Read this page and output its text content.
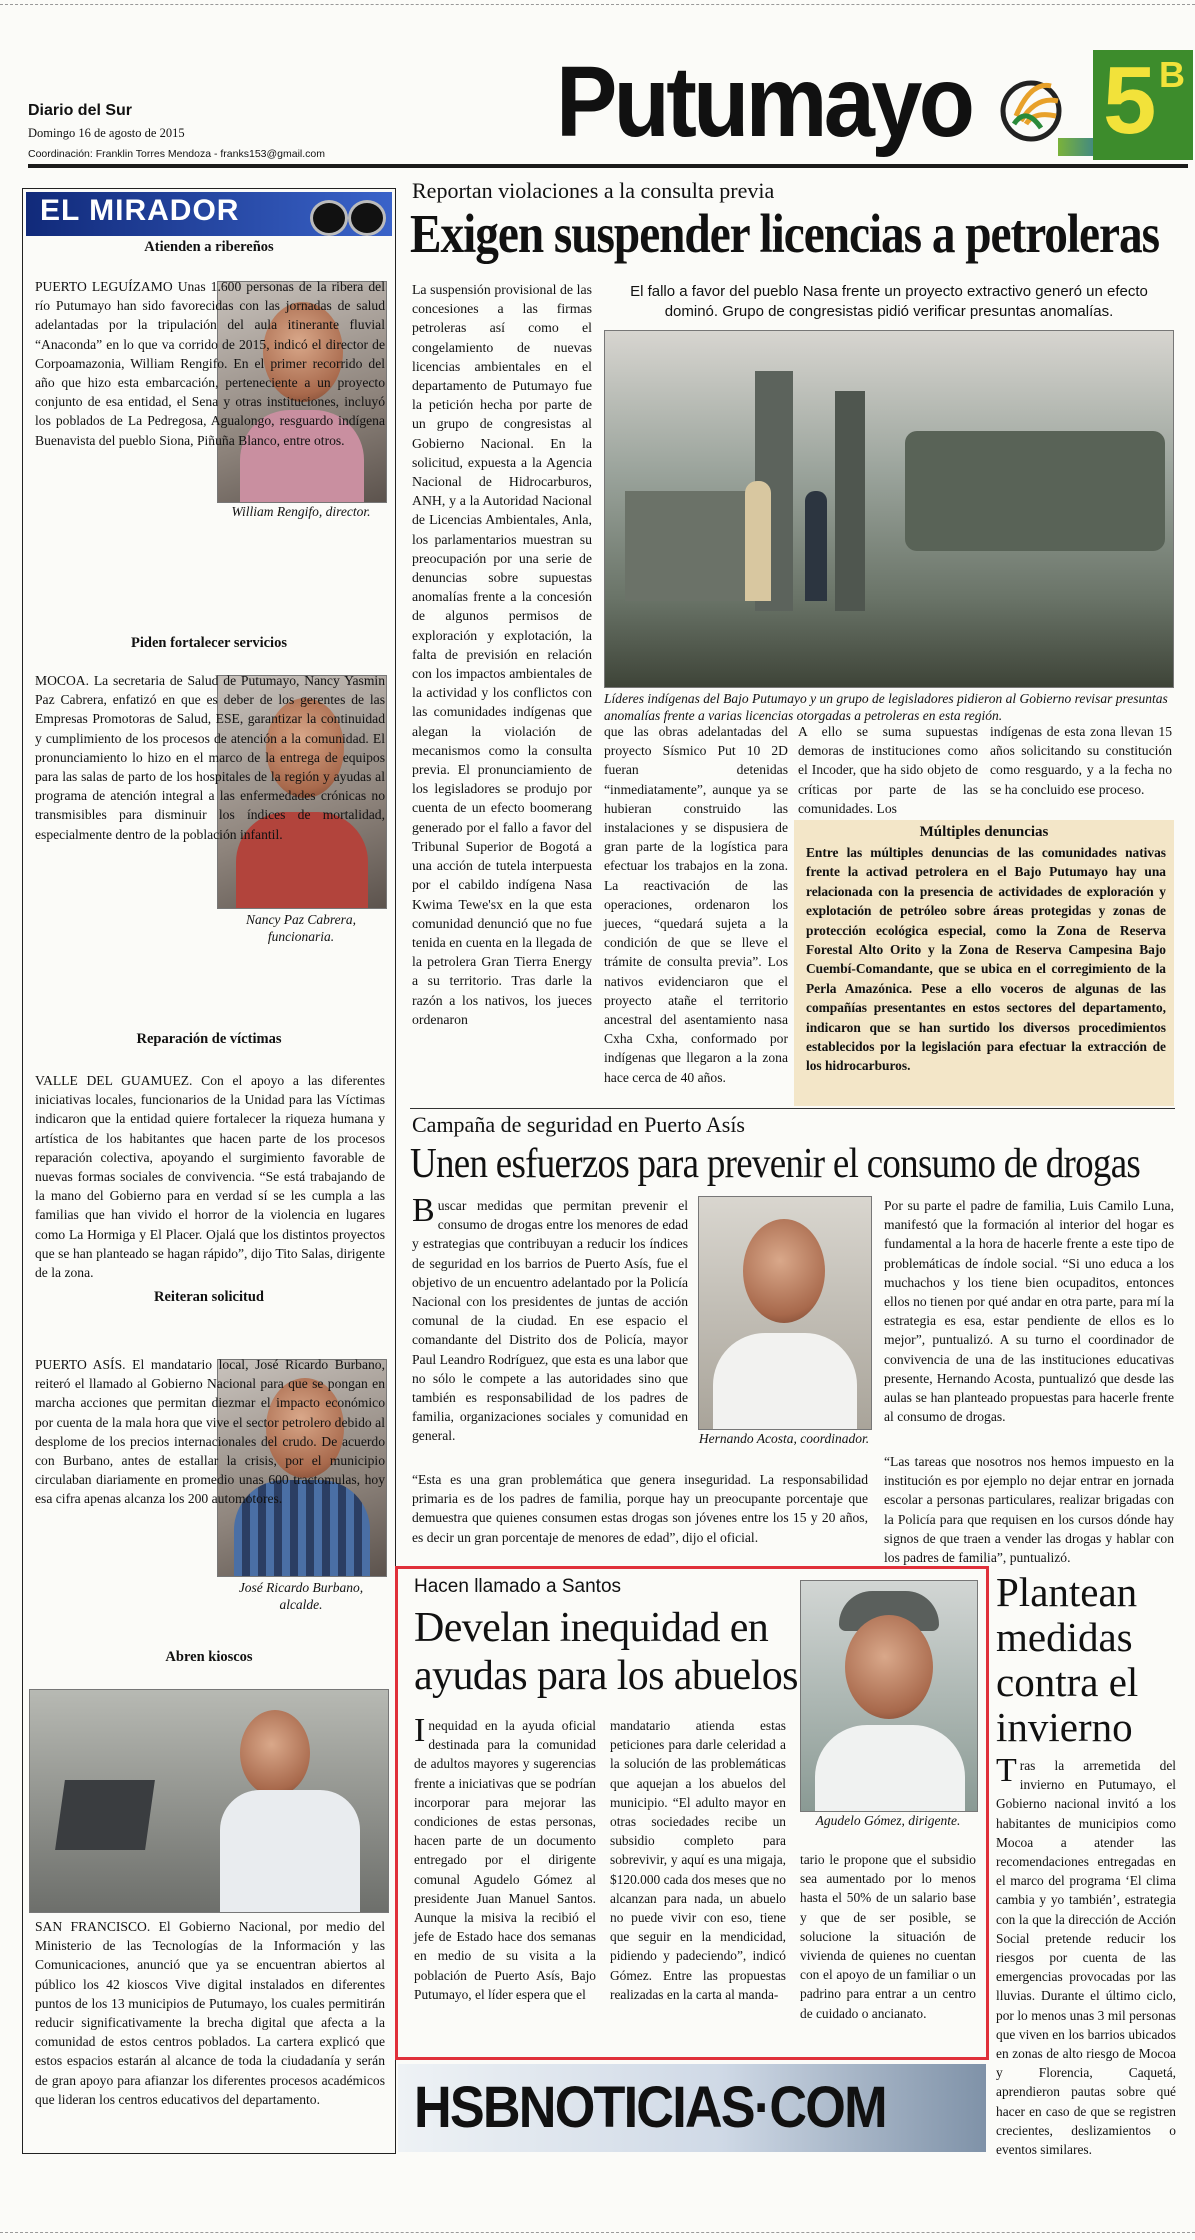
Diario del Sur
Domingo 16 de agosto de 2015
Coordinación: Franklin Torres Mendoza - franks153@gmail.com Putumayo 5 B
EL MIRADOR
Atienden a ribereños
William Rengifo, director.
PUERTO LEGUÍZAMO Unas 1.600 personas de la ribera del río Putumayo han sido favorecidas con las jornadas de salud adelantadas por la tripulación del aula itinerante fluvial “Anaconda” en lo que va corrido de 2015, indicó el director de Corpoamazonia, William Rengifo. En el primer recorrido del año que hizo esta embarcación, perteneciente a un proyecto conjunto de esa entidad, el Sena y otras instituciones, incluyó los poblados de La Pedregosa, Agualongo, resguardo indígena Buenavista del pueblo Siona, Piñuña Blanco, entre otros.
Piden fortalecer servicios
Nancy Paz Cabrera, funcionaria.
MOCOA. La secretaria de Salud de Putumayo, Nancy Yasmin Paz Cabrera, enfatizó en que es deber de los gerentes de las Empresas Promotoras de Salud, ESE, garantizar la continuidad y cumplimiento de los procesos de atención a la comunidad. El pronunciamiento lo hizo en el marco de la entrega de equipos para las salas de parto de los hospitales de la región y ayudas al programa de atención integral a las enfermedades crónicas no transmisibles para disminuir los índices de mortalidad, especialmente dentro de la población infantil.
Reparación de víctimas
VALLE DEL GUAMUEZ. Con el apoyo a las diferentes iniciativas locales, funcionarios de la Unidad para las Víctimas indicaron que la entidad quiere fortalecer la riqueza humana y artística de los habitantes que hacen parte de los procesos reparación colectiva, apoyando el surgimiento favorable de nuevas formas sociales de convivencia. “Se está trabajando de la mano del Gobierno para en verdad sí se les cumpla a las familias que han vivido el horror de la violencia en lugares como La Hormiga y El Placer. Ojalá que los distintos proyectos que se han planteado se hagan rápido”, dijo Tito Salas, dirigente de la zona.
Reiteran solicitud
José Ricardo Burbano, alcalde.
PUERTO ASÍS. El mandatario local, José Ricardo Burbano, reiteró el llamado al Gobierno Nacional para que se pongan en marcha acciones que permitan diezmar el impacto económico por cuenta de la mala hora que vive el sector petrolero debido al desplome de los precios internacionales del crudo. De acuerdo con Burbano, antes de estallar la crisis, por el municipio circulaban diariamente en promedio unas 600 tractomulas, hoy esa cifra apenas alcanza los 200 automotores.
Abren kioscos
SAN FRANCISCO. El Gobierno Nacional, por medio del Ministerio de las Tecnologías de la Información y las Comunicaciones, anunció que ya se encuentran abiertos al público los 42 kioscos Vive digital instalados en diferentes puntos de los 13 municipios de Putumayo, los cuales permitirán reducir significativamente la brecha digital que afecta a la comunidad de estos centros poblados. La cartera explicó que estos espacios estarán al alcance de toda la ciudadanía y serán de gran apoyo para afianzar los diferentes procesos académicos que lideran los centros educativos del departamento.
Reportan violaciones a la consulta previa
Exigen suspender licencias a petroleras
La suspensión provisional de las concesiones a las firmas petroleras así como el congelamiento de nuevas licencias ambientales en el departamento de Putumayo fue la petición hecha por parte de un grupo de congresistas al Gobierno Nacional. En la solicitud, expuesta a la Agencia Nacional de Hidrocarburos, ANH, y a la Autoridad Nacional de Licencias Ambientales, Anla, los parlamentarios muestran su preocupación por una serie de denuncias sobre supuestas anomalías frente a la concesión de algunos permisos de exploración y explotación, la falta de previsión en relación con los impactos ambientales de la actividad y los conflictos con las comunidades indígenas que alegan la violación de mecanismos como la consulta previa. El pronunciamiento de los legisladores se produjo por cuenta de un efecto boomerang generado por el fallo a favor del Tribunal Superior de Bogotá a una acción de tutela interpuesta por el cabildo indígena Nasa Kwima Tewe'sx en la que esta comunidad denunció que no fue tenida en cuenta en la llegada de la petrolera Gran Tierra Energy a su territorio. Tras darle la razón a los nativos, los jueces ordenaron
El fallo a favor del pueblo Nasa frente un proyecto extractivo generó un efecto dominó. Grupo de congresistas pidió verificar presuntas anomalías.
Líderes indígenas del Bajo Putumayo y un grupo de legisladores pidieron al Gobierno revisar presuntas anomalías frente a varias licencias otorgadas a petroleras en esta región.
que las obras adelantadas del proyecto Sísmico Put 10 2D fueran detenidas “inmediatamente”, aunque ya se hubieran construido las instalaciones y se dispusiera de gran parte de la logística para efectuar los trabajos en la zona. La reactivación de las operaciones, ordenaron los jueces, “quedará sujeta a la condición de que se lleve el trámite de consulta previa”. Los nativos evidenciaron que el proyecto atañe el territorio ancestral del asentamiento nasa Cxha Cxha, conformado por indígenas que llegaron a la zona hace cerca de 40 años.
A ello se suma supuestas demoras de instituciones como el Incoder, que ha sido objeto de críticas por parte de las comunidades. Los
indígenas de esta zona llevan 15 años solicitando su constitución como resguardo, y a la fecha no se ha concluido ese proceso.
Múltiples denuncias
Entre las múltiples denuncias de las comunidades nativas frente la activad petrolera en el Bajo Putumayo hay una relacionada con la presencia de actividades de exploración y explotación de petróleo sobre áreas protegidas y zonas de protección ecológica especial, como la Zona de Reserva Forestal Alto Orito y la Zona de Reserva Campesina Bajo Cuembí-Comandante, que se ubica en el corregimiento de la Perla Amazónica. Pese a ello voceros de algunas de las compañías presentantes en estos sectores del departamento, indicaron que se han surtido los diversos procedimientos establecidos por la legislación para efectuar la extracción de los hidrocarburos.
Campaña de seguridad en Puerto Asís
Unen esfuerzos para prevenir el consumo de drogas
Buscar medidas que permitan prevenir el consumo de drogas entre los menores de edad y estrategias que contribuyan a reducir los índices de seguridad en los barrios de Puerto Asís, fue el objetivo de un encuentro adelantado por la Policía Nacional con los presidentes de juntas de acción comunal de la ciudad. En ese espacio el comandante del Distrito dos de Policía, mayor Paul Leandro Rodríguez, que esta es una labor que no sólo le compete a las autoridades sino que también es responsabilidad de los padres de familia, organizaciones sociales y comunidad en general.	Hernando Acosta, coordinador.
“Esta es una gran problemática que genera inseguridad. La responsabilidad primaria es de los padres de familia, porque hay un preocupante porcentaje que demuestra que quienes consumen estas drogas son jóvenes entre los 15 y 20 años, es decir un gran porcentaje de menores de edad”, dijo el oficial.
Por su parte el padre de familia, Luis Camilo Luna, manifestó que la formación al interior del hogar es fundamental a la hora de hacerle frente a este tipo de problemáticas de índole social. “Si uno educa a los muchachos y los tiene bien ocupaditos, entonces ellos no tienen por qué andar en otra parte, para mí la estrategia es esa, estar pendiente de ellos es lo mejor”, puntualizó. A su turno el coordinador de convivencia de una de las instituciones educativas presente, Hernando Acosta, puntualizó que desde las aulas se han planteado propuestas para hacerle frente al consumo de drogas.
“Las tareas que nosotros nos hemos impuesto en la institución es por ejemplo no dejar entrar en jornada escolar a personas particulares, realizar brigadas con la Policía para que requisen en los cursos dónde hay signos de que traen a vender las drogas y hablar con los padres de familia”, puntualizó.
Hacen llamado a Santos
Develan inequidad en ayudas para los abuelos
Inequidad en la ayuda oficial destinada para la comunidad de adultos mayores y sugerencias frente a iniciativas que se podrían incorporar para mejorar las condiciones de estas personas, hacen parte de un documento entregado por el dirigente comunal Agudelo Gómez al presidente Juan Manuel Santos. Aunque la misiva la recibió el jefe de Estado hace dos semanas en medio de su visita a la población de Puerto Asís, Bajo Putumayo, el líder espera que el
mandatario atienda estas peticiones para darle celeridad a la solución de las problemáticas que aquejan a los abuelos del municipio. “El adulto mayor en otras sociedades recibe un subsidio completo para sobrevivir, y aquí es una migaja, $120.000 cada dos meses que no alcanzan para nada, un abuelo no puede vivir con eso, tiene que seguir en la mendicidad, pidiendo y padeciendo”, indicó Gómez. Entre las propuestas realizadas en la carta al manda-
Agudelo Gómez, dirigente.
tario le propone que el subsidio sea aumentado por lo menos hasta el 50% de un salario base y que de ser posible, se solucione la situación de vivienda de quienes no cuentan con el apoyo de un familiar o un padrino para entrar a un centro de cuidado o ancianato.
Plantean medidas contra el invierno
Tras la arremetida del invierno en Putumayo, el Gobierno nacional invitó a los habitantes de municipios como Mocoa a atender las recomendaciones entregadas en el marco del programa ‘El clima cambia y yo también’, estrategia con la que la dirección de Acción Social pretende reducir los riesgos por cuenta de las emergencias provocadas por las lluvias. Durante el último ciclo, por lo menos unas 3 mil personas que viven en los barrios ubicados en zonas de alto riesgo de Mocoa y Florencia, Caquetá, aprendieron pautas sobre qué hacer en caso de que se registren crecientes, deslizamientos o eventos similares.
HSBNOTICIAS·COM
